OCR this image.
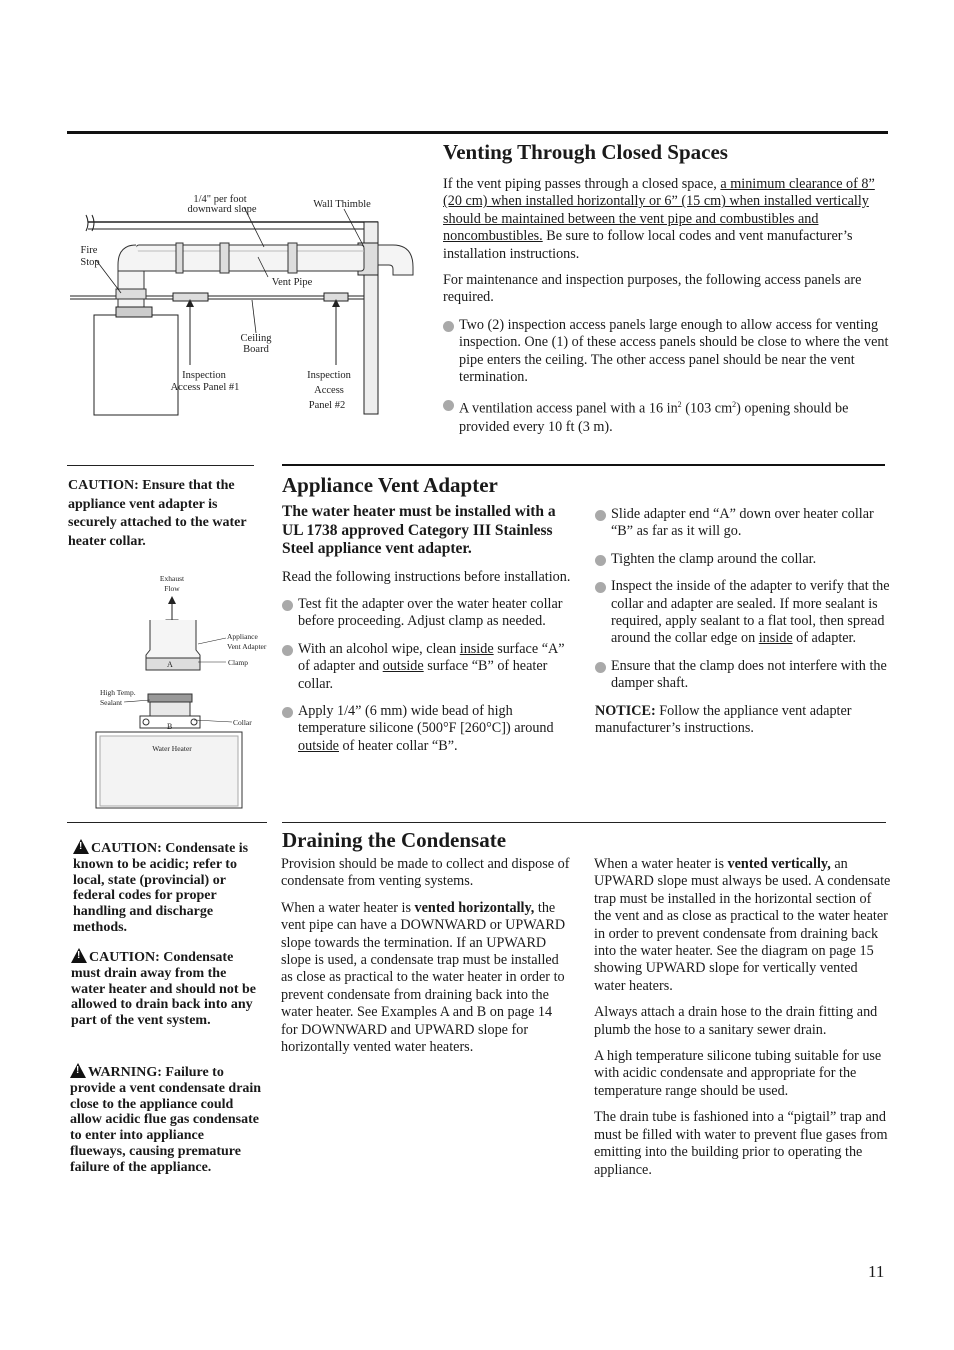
1/4" per foot
downward slope	Wall Thimble
Fire
Stop
Vent Pipe
Ceiling
Board
Inspection
Access Panel #1
Inspection
Access
Panel #2
Venting Through Closed Spaces

If the vent piping passes through a closed space, a minimum clearance of 8” (20 cm) when installed horizontally or 6” (15 cm) when installed vertically should be maintained between the vent pipe and combustibles and noncombustibles. Be sure to follow local codes and vent manufacturer’s installation instructions.

For maintenance and inspection purposes, the following access panels are required.

Two (2) inspection access panels large enough to allow access for venting inspection. One (1) of these access panels should be close to where the vent pipe enters the ceiling. The other access panel should be near the vent termination.

A ventilation access panel with a 16 $in^2$ (103 $cm^2$) opening should be provided every 10 ft (3 m).

CAUTION: Ensure that the appliance vent adapter is securely attached to the water heater collar.

Exhaust
Flow
Appliance
Vent Adapter
Clamp
A
High Temp.
Sealant
B	Collar
Water Heater
Appliance Vent Adapter

The water heater must be installed with a UL 1738 approved Category III Stainless Steel appliance vent adapter.

Read the following instructions before installation.

Test fit the adapter over the water heater collar before proceeding. Adjust clamp as needed.

With an alcohol wipe, clean inside surface “A” of adapter and outside surface “B” of heater collar.

Apply 1/4” (6 mm) wide bead of high temperature silicone (500°F [260°C]) around outside of heater collar “B”.

Slide adapter end “A” down over heater collar “B” as far as it will go.

Tighten the clamp around the collar.

Inspect the inside of the adapter to verify that the collar and adapter are sealed. If more sealant is required, apply sealant to a flat tool, then spread around the collar edge on inside of adapter.

Ensure that the clamp does not interfere with the damper shaft.

NOTICE: Follow the appliance vent adapter manufacturer’s instructions.

!CAUTION: Condensate is known to be acidic; refer to local, state (provincial) or federal codes for proper handling and discharge methods.

!CAUTION: Condensate must drain away from the water heater and should not be allowed to drain back into any part of the vent system.

!WARNING: Failure to provide a vent condensate drain close to the appliance could allow acidic flue gas condensate to enter into appliance flueways, causing premature failure of the appliance.

Draining the Condensate

Provision should be made to collect and dispose of condensate from venting systems.

When a water heater is vented horizontally, the vent pipe can have a DOWNWARD or UPWARD slope towards the termination. If an UPWARD slope is used, a condensate trap must be installed as close as practical to the water heater in order to prevent condensate from draining back into the water heater. See Examples A and B on page 14 for DOWNWARD and UPWARD slope for horizontally vented water heaters.

When a water heater is vented vertically, an UPWARD slope must always be used. A condensate trap must be installed in the horizontal section of the vent and as close as practical to the water heater in order to prevent condensate from draining back into the water heater. See the diagram on page 15 showing UPWARD slope for vertically vented water heaters.

Always attach a drain hose to the drain fitting and plumb the hose to a sanitary sewer drain.

A high temperature silicone tubing suitable for use with acidic condensate and appropriate for the temperature range should be used.

The drain tube is fashioned into a “pigtail” trap and must be filled with water to prevent flue gases from emitting into the building prior to operating the appliance.

11
